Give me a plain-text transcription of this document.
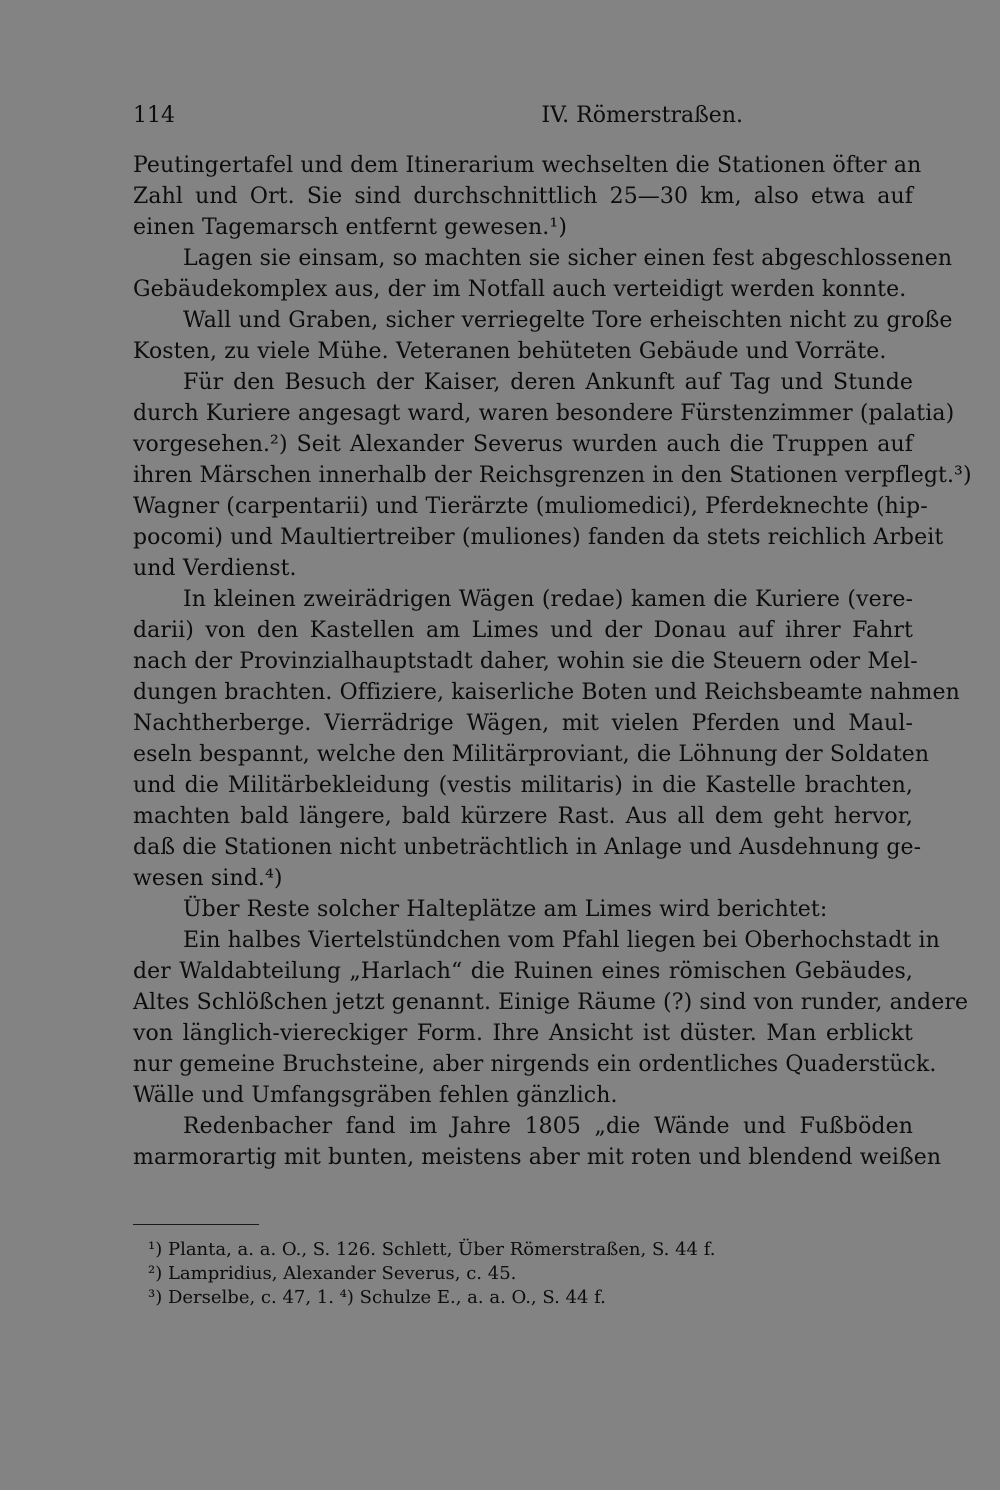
114	IV. Römerstraßen.
Peutingertafel und dem Itinerarium wechselten die Stationen öfter an
Zahl und Ort. Sie sind durchschnittlich 25—30 km, also etwa auf
einen Tagemarsch entfernt gewesen.¹)
Lagen sie einsam, so machten sie sicher einen fest abgeschlossenen
Gebäudekomplex aus, der im Notfall auch verteidigt werden konnte.
Wall und Graben, sicher verriegelte Tore erheischten nicht zu große
Kosten, zu viele Mühe. Veteranen behüteten Gebäude und Vorräte.
Für den Besuch der Kaiser, deren Ankunft auf Tag und Stunde
durch Kuriere angesagt ward, waren besondere Fürstenzimmer (palatia)
vorgesehen.²) Seit Alexander Severus wurden auch die Truppen auf
ihren Märschen innerhalb der Reichsgrenzen in den Stationen verpflegt.³)
Wagner (carpentarii) und Tierärzte (muliomedici), Pferdeknechte (hip-
pocomi) und Maultiertreiber (muliones) fanden da stets reichlich Arbeit
und Verdienst.
In kleinen zweirädrigen Wägen (redae) kamen die Kuriere (vere-
darii) von den Kastellen am Limes und der Donau auf ihrer Fahrt
nach der Provinzialhauptstadt daher, wohin sie die Steuern oder Mel-
dungen brachten. Offiziere, kaiserliche Boten und Reichsbeamte nahmen
Nachtherberge. Vierrädrige Wägen, mit vielen Pferden und Maul-
eseln bespannt, welche den Militärproviant, die Löhnung der Soldaten
und die Militärbekleidung (vestis militaris) in die Kastelle brachten,
machten bald längere, bald kürzere Rast. Aus all dem geht hervor,
daß die Stationen nicht unbeträchtlich in Anlage und Ausdehnung ge-
wesen sind.⁴)
Über Reste solcher Halteplätze am Limes wird berichtet:
Ein halbes Viertelstündchen vom Pfahl liegen bei Oberhochstadt in
der Waldabteilung „Harlach“ die Ruinen eines römischen Gebäudes,
Altes Schlößchen jetzt genannt. Einige Räume (?) sind von runder, andere
von länglich-viereckiger Form. Ihre Ansicht ist düster. Man erblickt
nur gemeine Bruchsteine, aber nirgends ein ordentliches Quaderstück.
Wälle und Umfangsgräben fehlen gänzlich.
Redenbacher fand im Jahre 1805 „die Wände und Fußböden
marmorartig mit bunten, meistens aber mit roten und blendend weißen
¹) Planta, a. a. O., S. 126. Schlett, Über Römerstraßen, S. 44 f.
²) Lampridius, Alexander Severus, c. 45.
³) Derselbe, c. 47, 1. ⁴) Schulze E., a. a. O., S. 44 f.
